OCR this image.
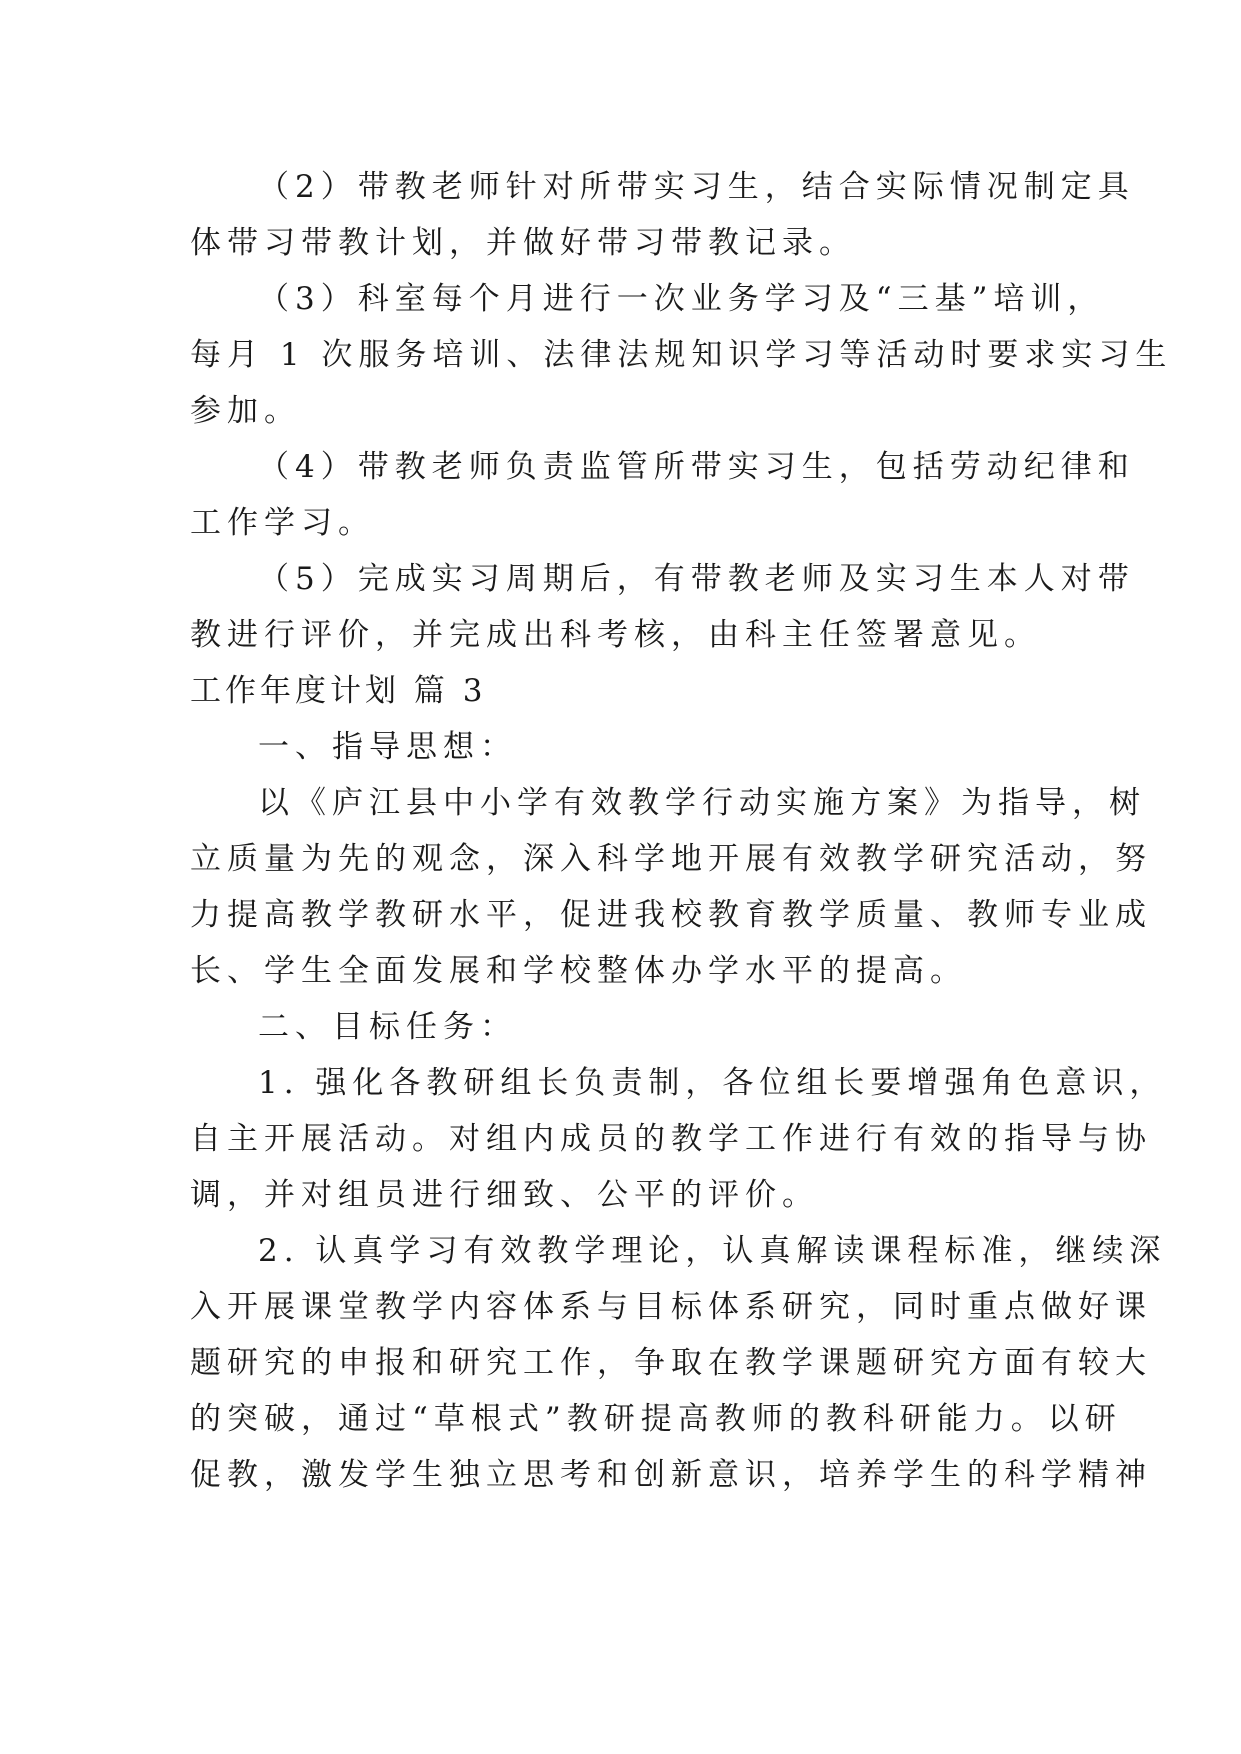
（2）带教老师针对所带实习生，结合实际情况制定具
体带习带教计划，并做好带习带教记录。
（3）科室每个月进行一次业务学习及“三基”培训，
每月 1 次服务培训、法律法规知识学习等活动时要求实习生
参加。
（4）带教老师负责监管所带实习生，包括劳动纪律和
工作学习。
（5）完成实习周期后，有带教老师及实习生本人对带
教进行评价，并完成出科考核，由科主任签署意见。
工作年度计划 篇 3
一、指导思想：
以《庐江县中小学有效教学行动实施方案》为指导，树
立质量为先的观念，深入科学地开展有效教学研究活动，努
力提高教学教研水平，促进我校教育教学质量、教师专业成
长、学生全面发展和学校整体办学水平的提高。
二、目标任务：
1. 强化各教研组长负责制，各位组长要增强角色意识，
自主开展活动。对组内成员的教学工作进行有效的指导与协
调，并对组员进行细致、公平的评价。
2. 认真学习有效教学理论，认真解读课程标准，继续深
入开展课堂教学内容体系与目标体系研究，同时重点做好课
题研究的申报和研究工作，争取在教学课题研究方面有较大
的突破，通过“草根式”教研提高教师的教科研能力。以研
促教，激发学生独立思考和创新意识，培养学生的科学精神
